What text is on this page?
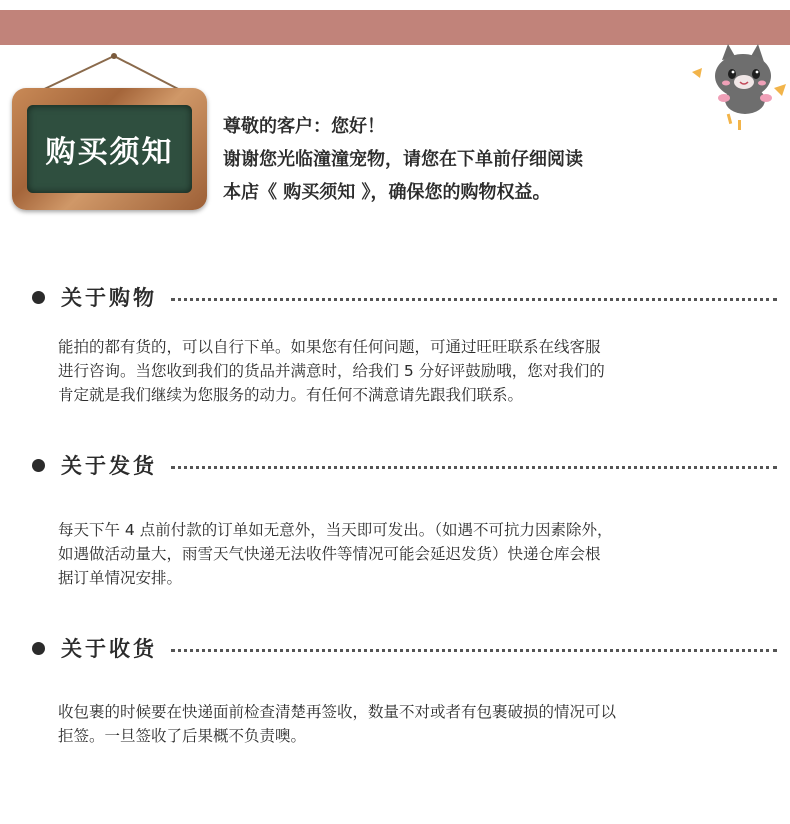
购买须知
尊敬的客户：您好！
谢谢您光临潼潼宠物，请您在下单前仔细阅读
本店《 购买须知 》，确保您的购物权益。
关于购物
能拍的都有货的，可以自行下单。如果您有任何问题，可通过旺旺联系在线客服
进行咨询。当您收到我们的货品并满意时，给我们 5 分好评鼓励哦，您对我们的
肯定就是我们继续为您服务的动力。有任何不满意请先跟我们联系。
关于发货
每天下午 4 点前付款的订单如无意外，当天即可发出。（如遇不可抗力因素除外，
如遇做活动量大，雨雪天气快递无法收件等情况可能会延迟发货）快递仓库会根
据订单情况安排。
关于收货
收包裹的时候要在快递面前检查清楚再签收，数量不对或者有包裹破损的情况可以
拒签。一旦签收了后果概不负责噢。
